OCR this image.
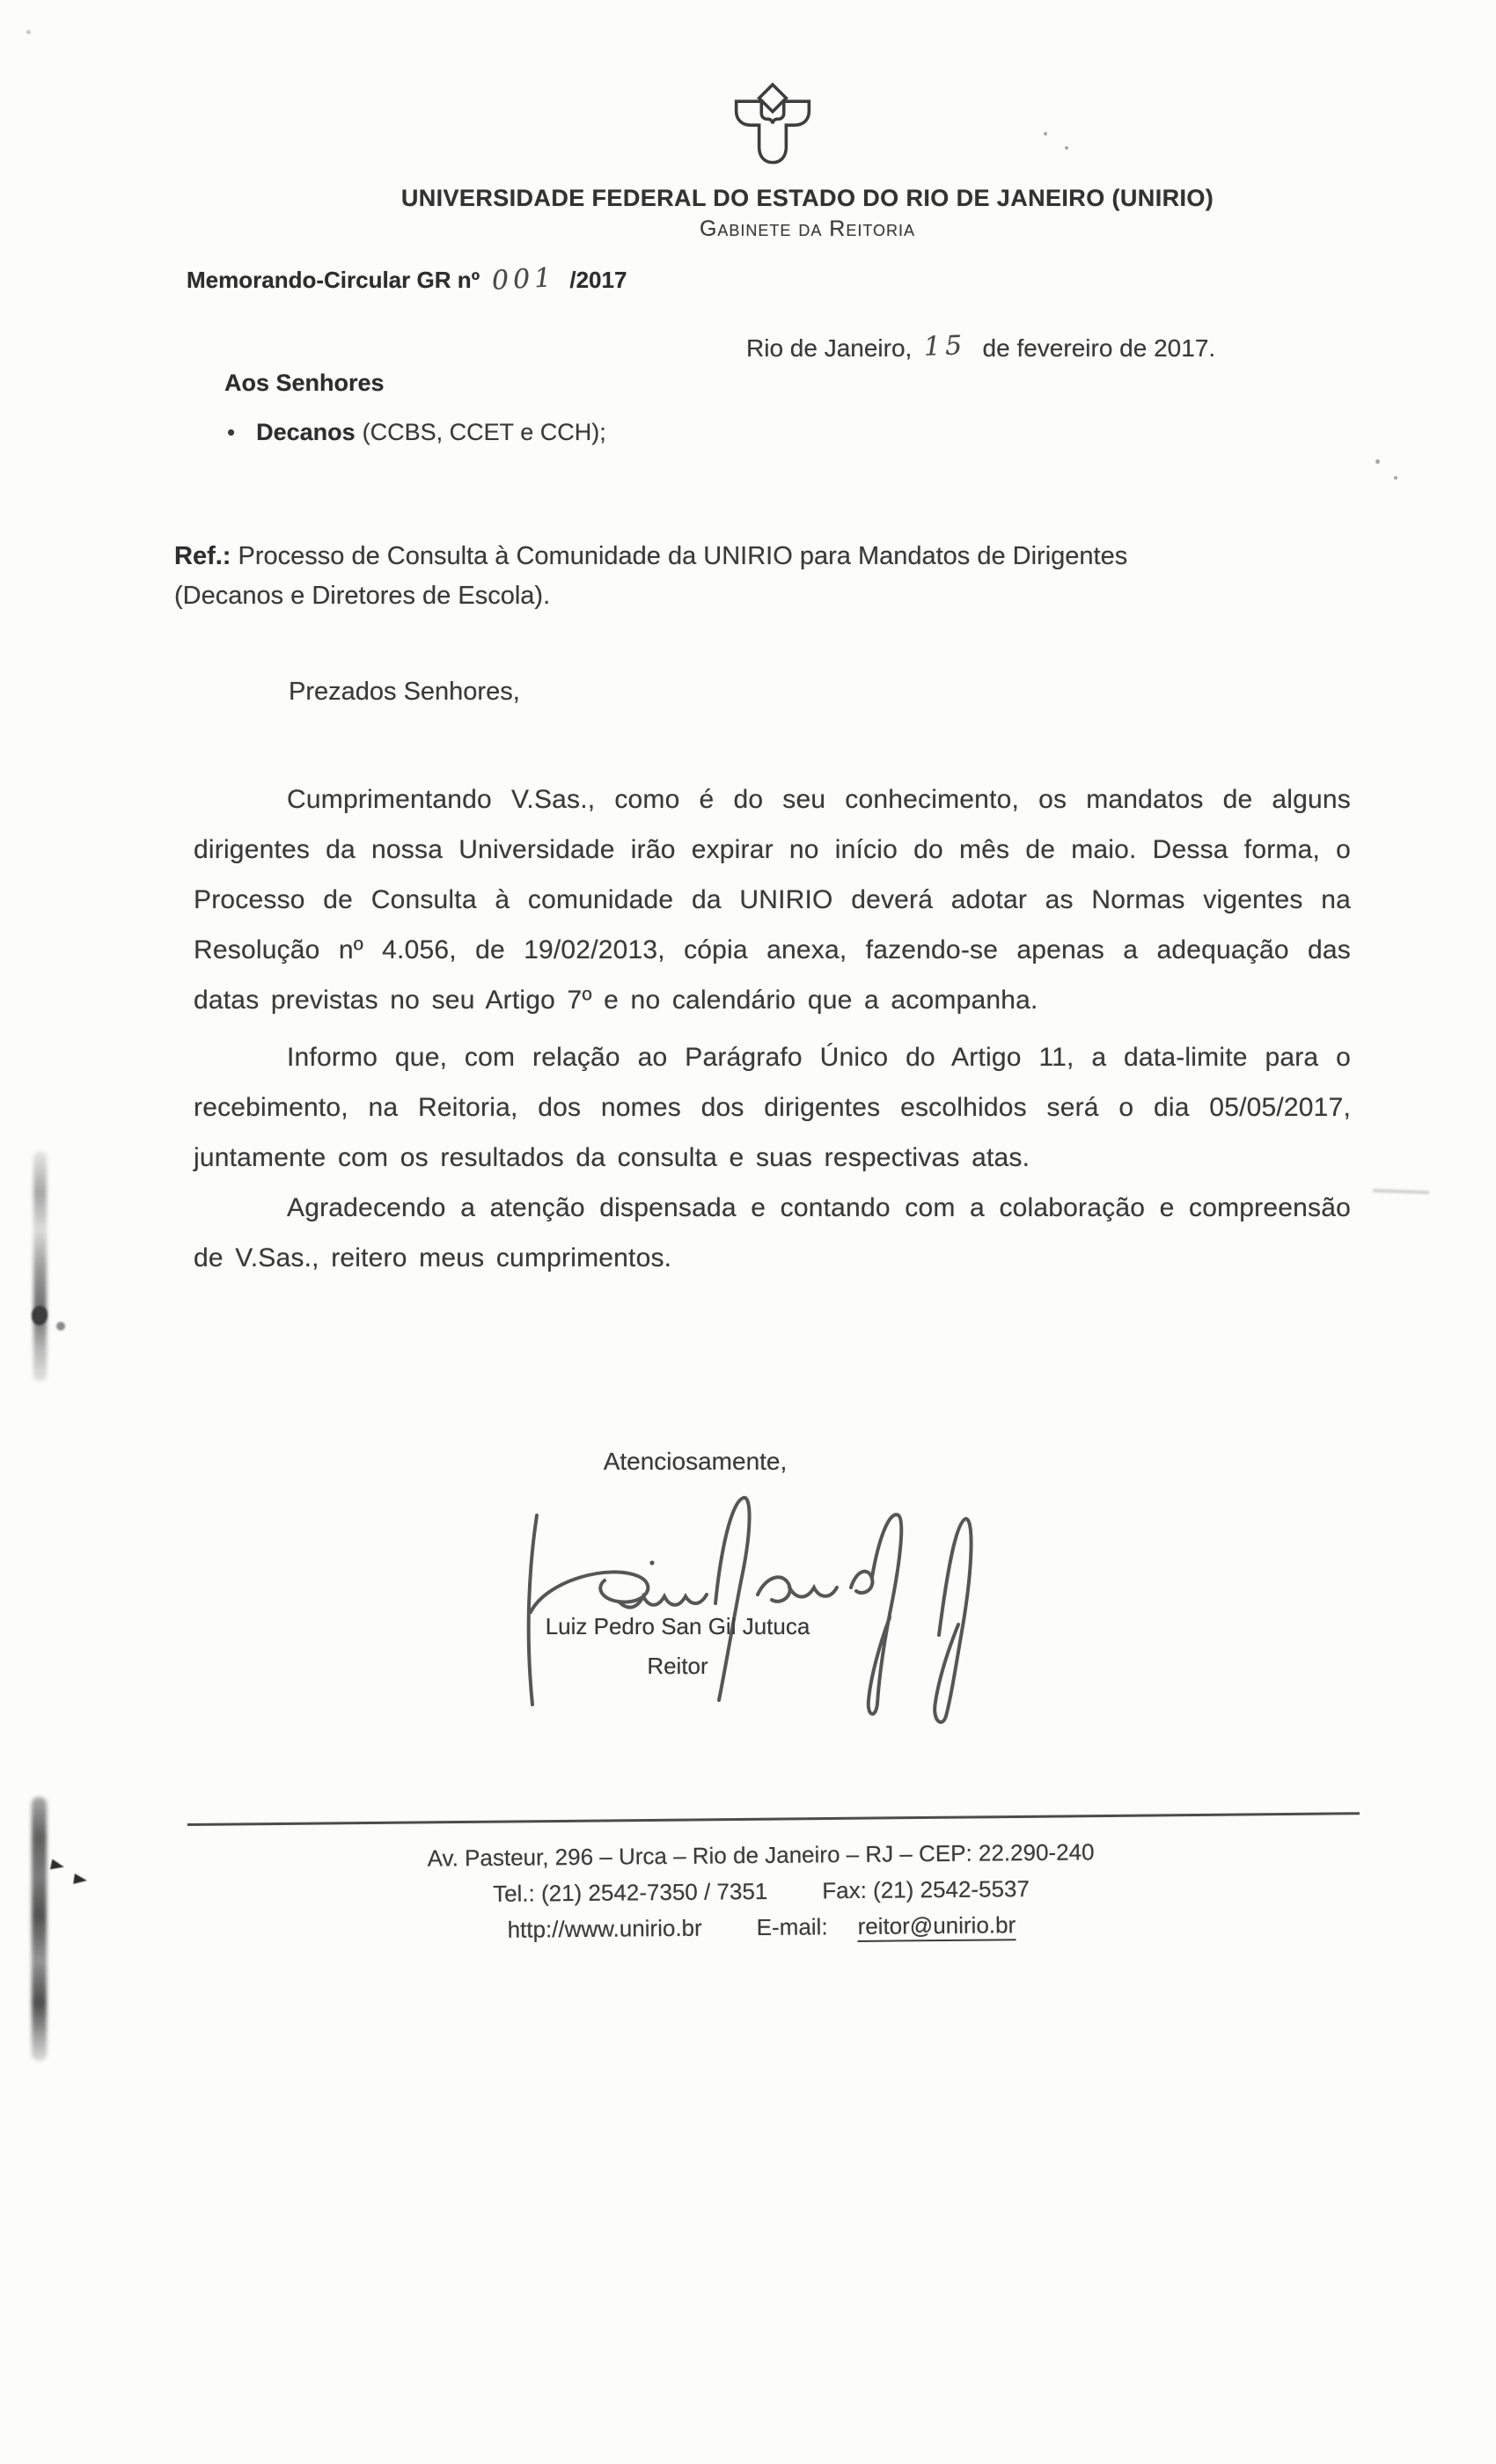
UNIVERSIDADE FEDERAL DO ESTADO DO RIO DE JANEIRO (UNIRIO)
Gabinete da Reitoria
Memorando-Circular GR nº 001 /2017
Rio de Janeiro, 15 de fevereiro de 2017.
Aos Senhores
• Decanos (CCBS, CCET e CCH);
Ref.: Processo de Consulta à Comunidade da UNIRIO para Mandatos de Dirigentes
(Decanos e Diretores de Escola).
Prezados Senhores,

Cumprimentando V.Sas., como é do seu conhecimento, os mandatos de alguns dirigentes da nossa Universidade irão expirar no início do mês de maio. Dessa forma, o Processo de Consulta à comunidade da UNIRIO deverá adotar as Normas vigentes na Resolução nº 4.056, de 19/02/2013, cópia anexa, fazendo-se apenas a adequação das datas previstas no seu Artigo 7º e no calendário que a acompanha.

Informo que, com relação ao Parágrafo Único do Artigo 11, a data-limite para o recebimento, na Reitoria, dos nomes dos dirigentes escolhidos será o dia 05/05/2017, juntamente com os resultados da consulta e suas respectivas atas.

Agradecendo a atenção dispensada e contando com a colaboração e compreensão de V.Sas., reitero meus cumprimentos.

Atenciosamente,
Luiz Pedro San Gil Jutuca
Reitor
Av. Pasteur, 296 – Urca – Rio de Janeiro – RJ – CEP: 22.290-240
Tel.: (21) 2542-7350 / 7351 Fax: (21) 2542-5537
http://www.unirio.br E-mail: reitor@unirio.br
